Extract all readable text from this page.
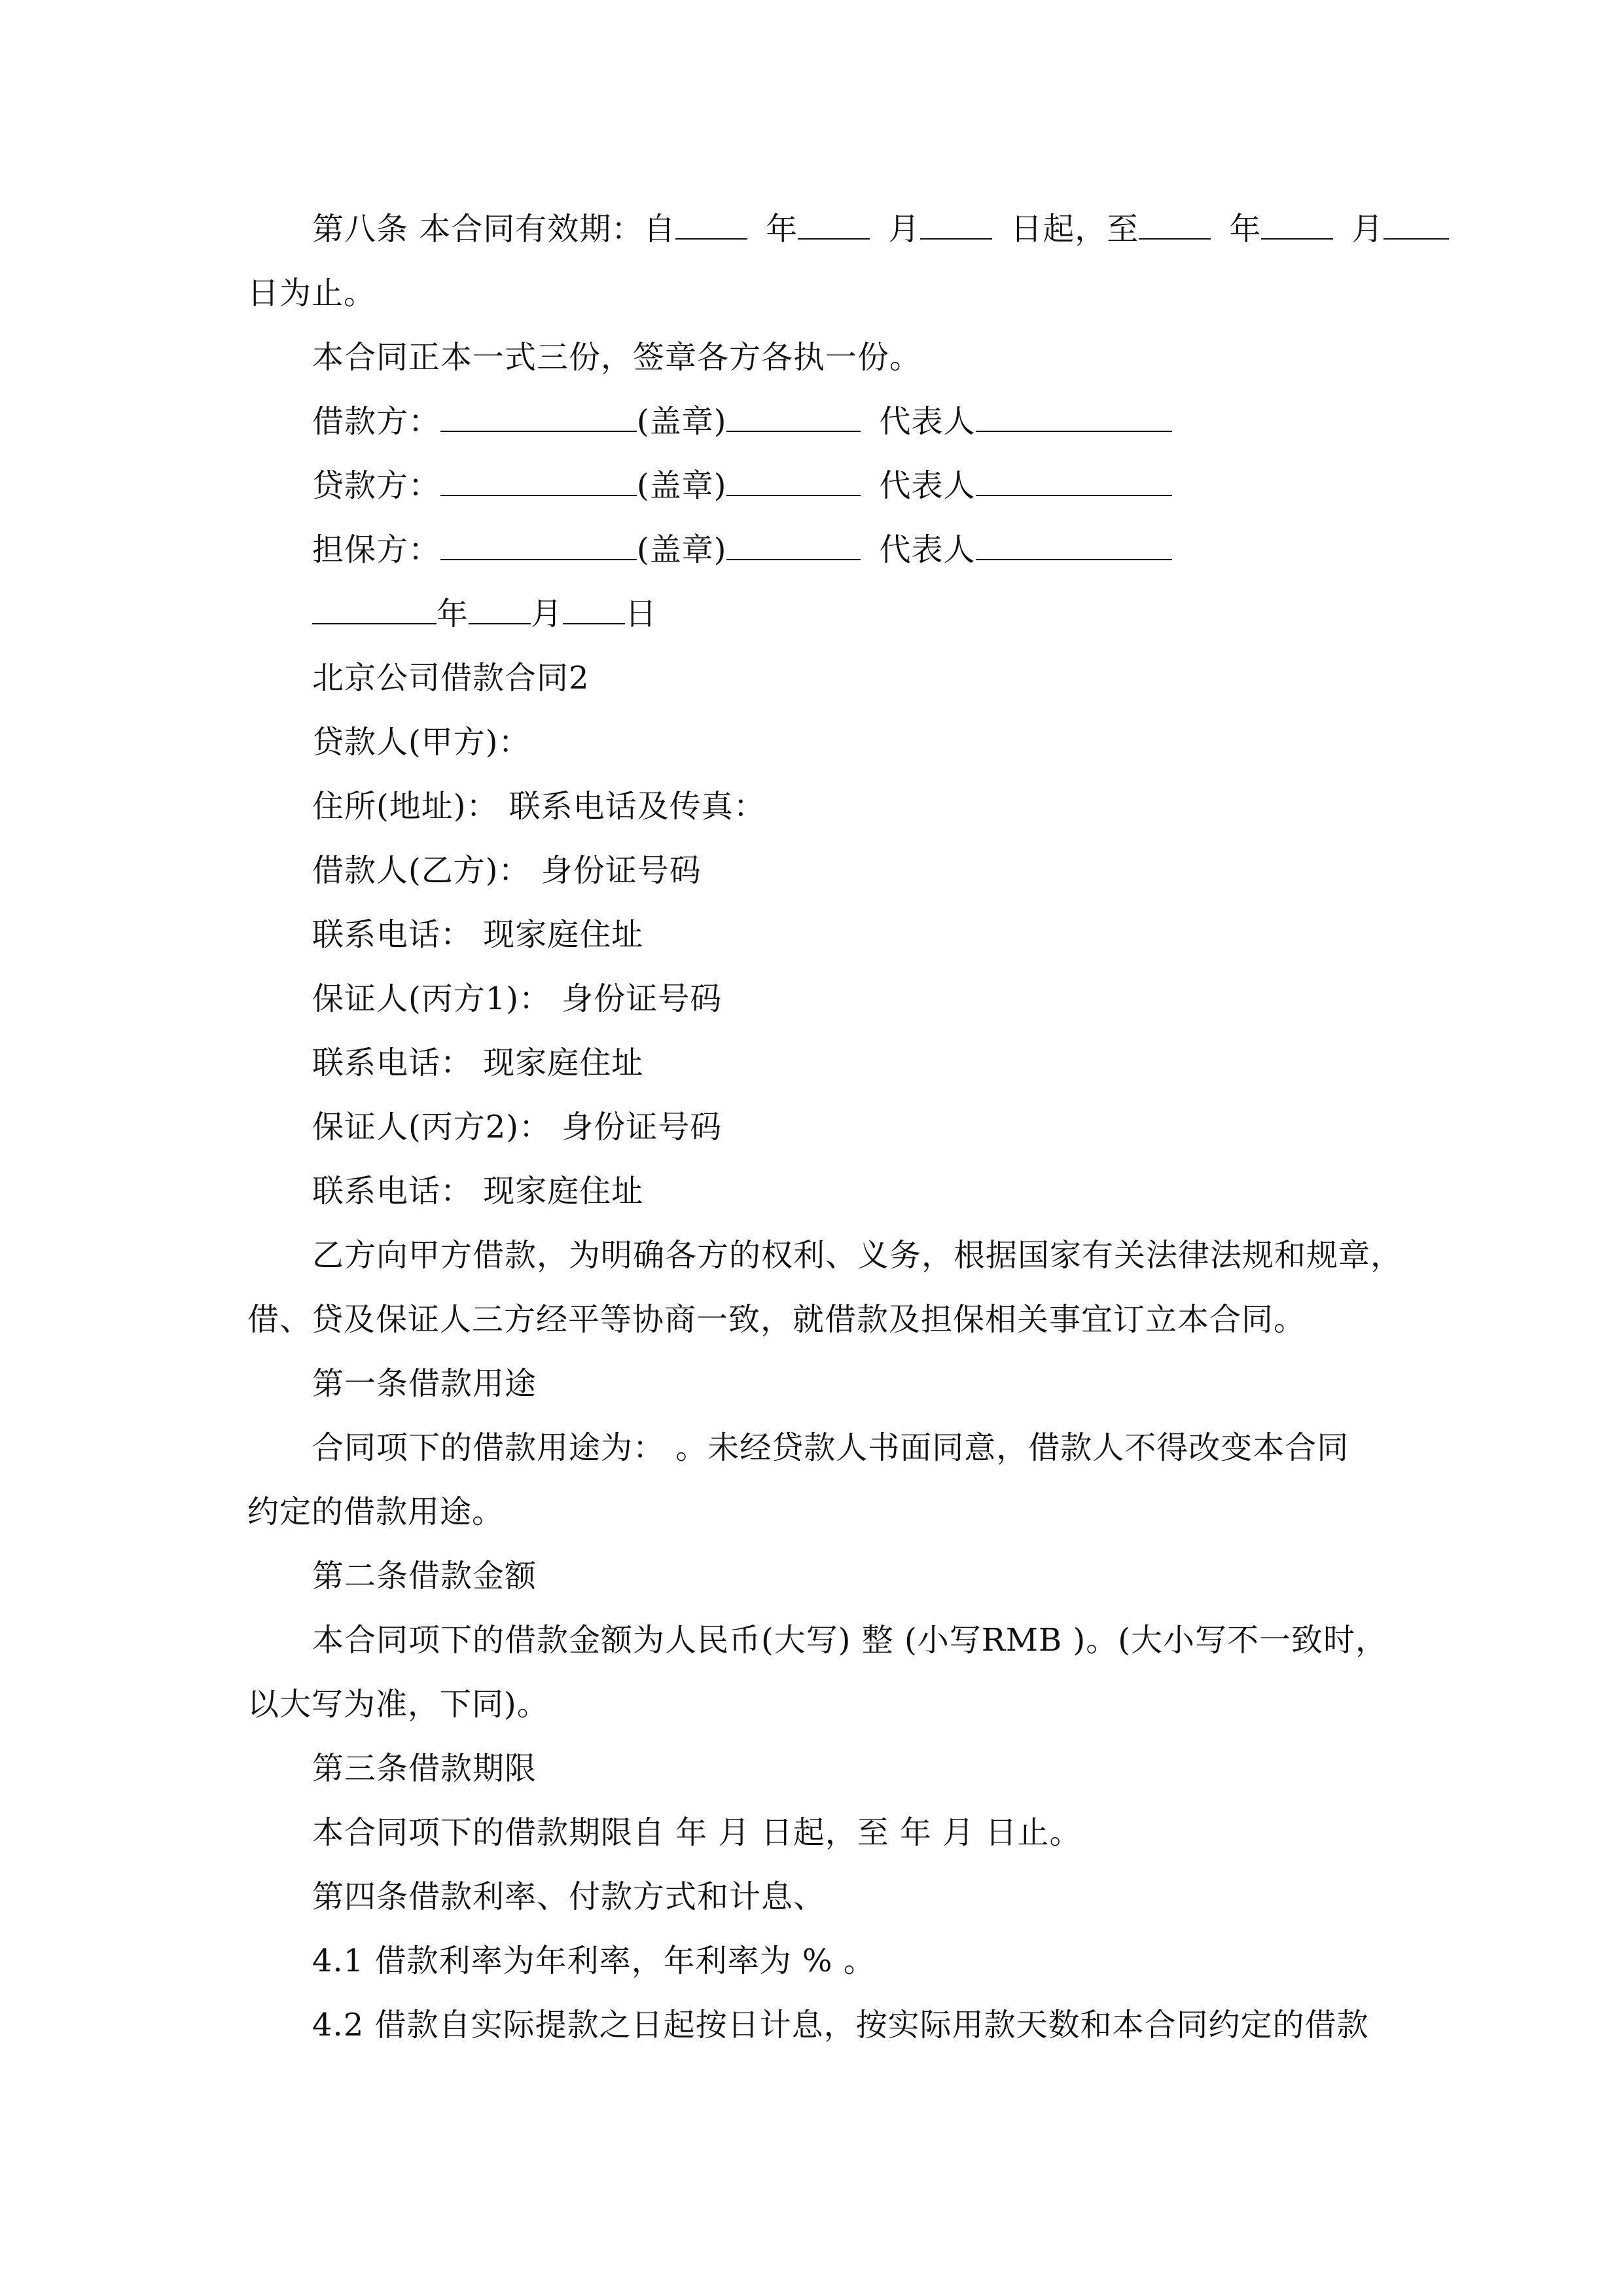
第八条 本合同有效期：自	年	月	日起，至	年	月
日为止。
本合同正本一式三份，签章各方各执一份。
借款方：	(盖章)	代表人
贷款方：	(盖章)	代表人
担保方：	(盖章)	代表人
年 月 日
北京公司借款合同2
贷款人(甲方)：
住所(地址)： 联系电话及传真：
借款人(乙方)： 身份证号码
联系电话： 现家庭住址
保证人(丙方1)： 身份证号码
联系电话： 现家庭住址
保证人(丙方2)： 身份证号码
联系电话： 现家庭住址
乙方向甲方借款，为明确各方的权利、义务，根据国家有关法律法规和规章，
借、贷及保证人三方经平等协商一致，就借款及担保相关事宜订立本合同。
第一条借款用途
合同项下的借款用途为： 。未经贷款人书面同意，借款人不得改变本合同
约定的借款用途。
第二条借款金额
本合同项下的借款金额为人民币(大写) 整 (小写RMB )。(大小写不一致时，
以大写为准，下同)。
第三条借款期限
本合同项下的借款期限自 年 月 日起，至 年 月 日止。
第四条借款利率、付款方式和计息、
4.1 借款利率为年利率，年利率为 % 。
4.2 借款自实际提款之日起按日计息，按实际用款天数和本合同约定的借款
